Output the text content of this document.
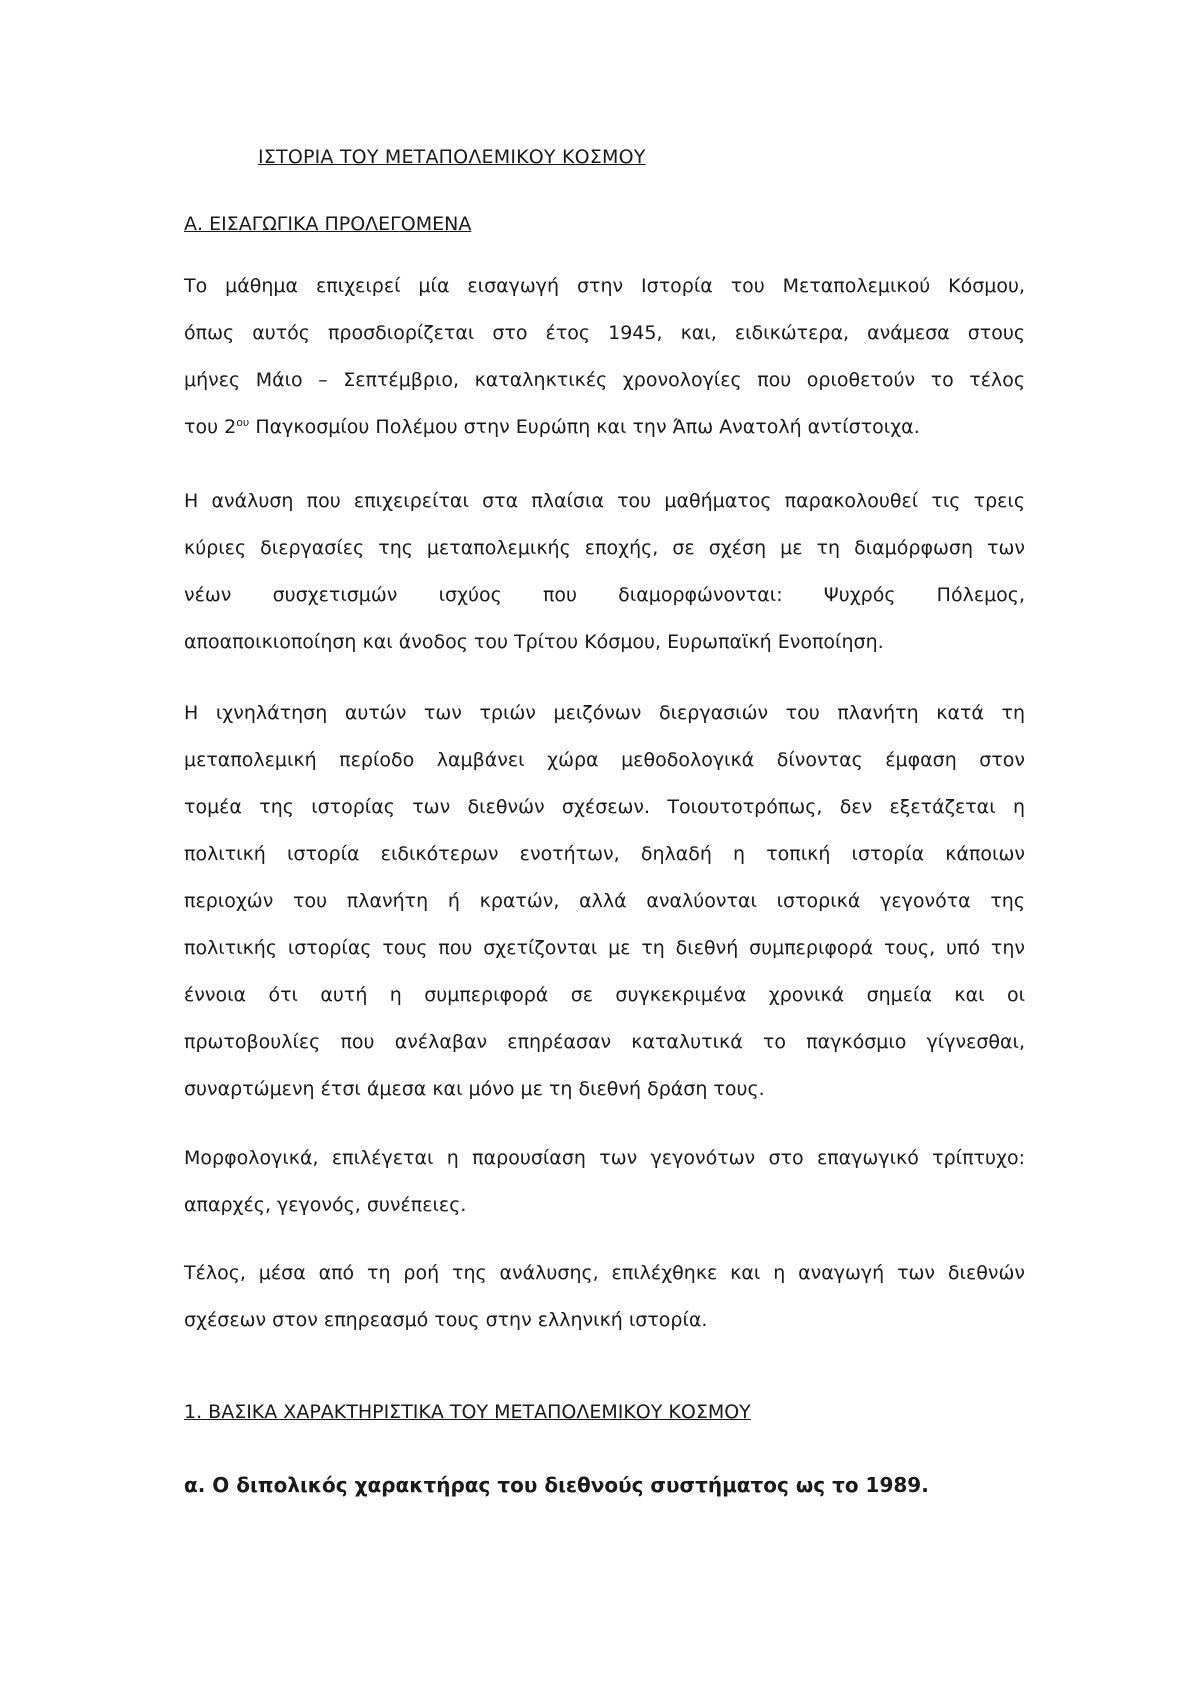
ΙΣΤΟΡΙΑ ΤΟΥ ΜΕΤΑΠΟΛΕΜΙΚΟΥ ΚΟΣΜΟΥ
Α. ΕΙΣΑΓΩΓΙΚΑ ΠΡΟΛΕΓΟΜΕΝΑ
Το μάθημα επιχειρεί μία εισαγωγή στην Ιστορία του Μεταπολεμικού Κόσμου,
όπως αυτός προσδιορίζεται στο έτος 1945, και, ειδικώτερα, ανάμεσα στους
μήνες Μάιο – Σεπτέμβριο, καταληκτικές χρονολογίες που οριοθετούν το τέλος
του $2^{o\upsilon}$ Παγκοσμίου Πολέμου στην Ευρώπη και την Άπω Ανατολή αντίστοιχα.
Η ανάλυση που επιχειρείται στα πλαίσια του μαθήματος παρακολουθεί τις τρεις
κύριες διεργασίες της μεταπολεμικής εποχής, σε σχέση με τη διαμόρφωση των
νέων συσχετισμών ισχύος που διαμορφώνονται: Ψυχρός Πόλεμος,
αποαποικιοποίηση και άνοδος του Τρίτου Κόσμου, Ευρωπαϊκή Ενοποίηση.
Η ιχνηλάτηση αυτών των τριών μειζόνων διεργασιών του πλανήτη κατά τη
μεταπολεμική περίοδο λαμβάνει χώρα μεθοδολογικά δίνοντας έμφαση στον
τομέα της ιστορίας των διεθνών σχέσεων. Τοιουτοτρόπως, δεν εξετάζεται η
πολιτική ιστορία ειδικότερων ενοτήτων, δηλαδή η τοπική ιστορία κάποιων
περιοχών του πλανήτη ή κρατών, αλλά αναλύονται ιστορικά γεγονότα της
πολιτικής ιστορίας τους που σχετίζονται με τη διεθνή συμπεριφορά τους, υπό την
έννοια ότι αυτή η συμπεριφορά σε συγκεκριμένα χρονικά σημεία και οι
πρωτοβουλίες που ανέλαβαν επηρέασαν καταλυτικά το παγκόσμιο γίγνεσθαι,
συναρτώμενη έτσι άμεσα και μόνο με τη διεθνή δράση τους.
Μορφολογικά, επιλέγεται η παρουσίαση των γεγονότων στο επαγωγικό τρίπτυχο:
απαρχές, γεγονός, συνέπειες.
Τέλος, μέσα από τη ροή της ανάλυσης, επιλέχθηκε και η αναγωγή των διεθνών
σχέσεων στον επηρεασμό τους στην ελληνική ιστορία.
1. ΒΑΣΙΚΑ ΧΑΡΑΚΤΗΡΙΣΤΙΚΑ ΤΟΥ ΜΕΤΑΠΟΛΕΜΙΚΟΥ ΚΟΣΜΟΥ
α. Ο διπολικός χαρακτήρας του διεθνούς συστήματος ως το 1989.
